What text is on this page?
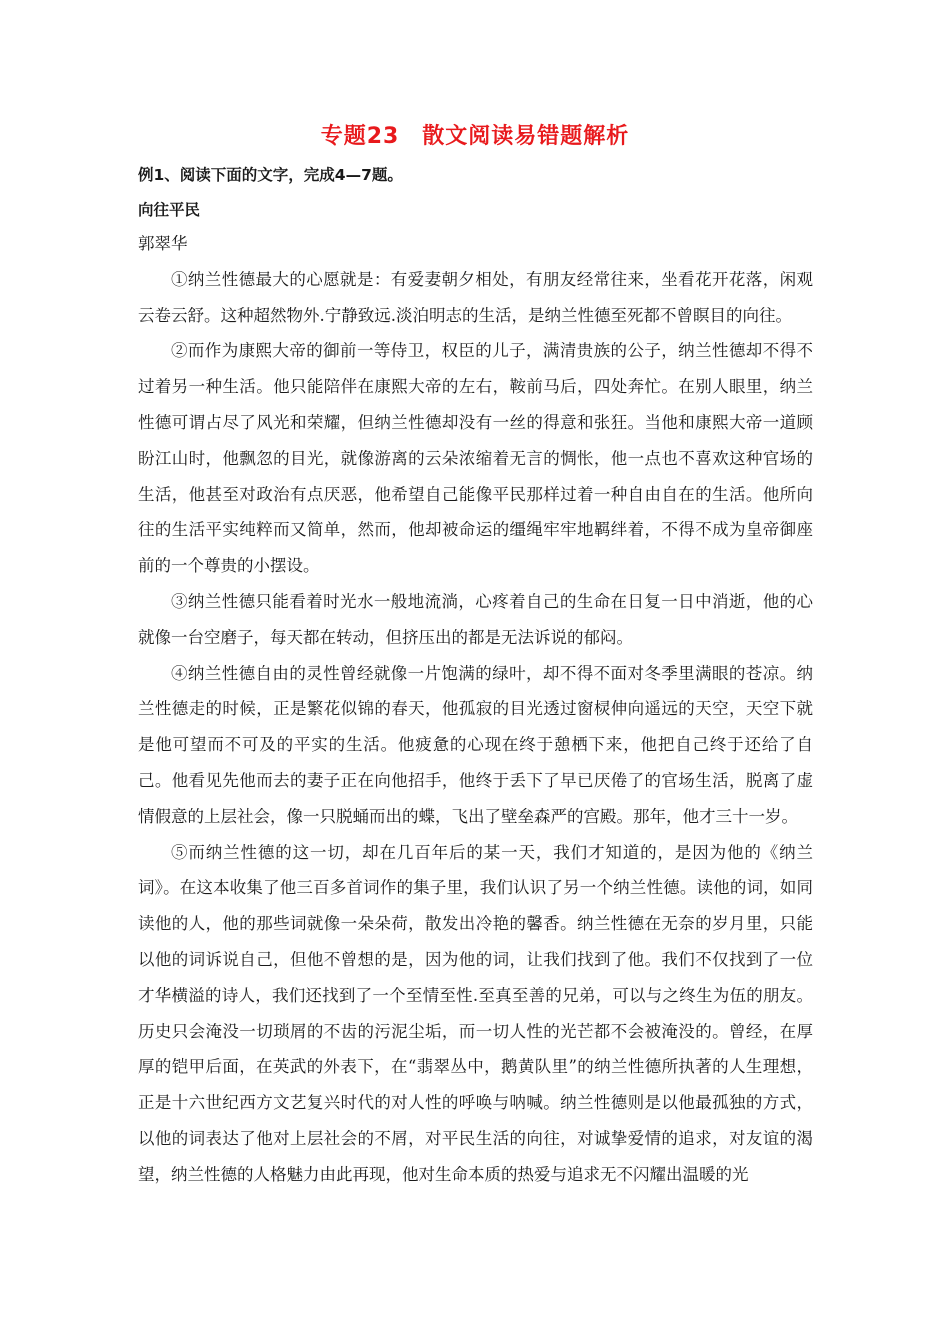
专题23　散文阅读易错题解析
例1、阅读下面的文字，完成4—7题。
向往平民
郭翠华

①纳兰性德最大的心愿就是：有爱妻朝夕相处，有朋友经常往来，坐看花开花落，闲观云卷云舒。这种超然物外.宁静致远.淡泊明志的生活，是纳兰性德至死都不曾瞑目的向往。

②而作为康熙大帝的御前一等侍卫，权臣的儿子，满清贵族的公子，纳兰性德却不得不过着另一种生活。他只能陪伴在康熙大帝的左右，鞍前马后，四处奔忙。在别人眼里，纳兰性德可谓占尽了风光和荣耀，但纳兰性德却没有一丝的得意和张狂。当他和康熙大帝一道顾盼江山时，他飘忽的目光，就像游离的云朵浓缩着无言的惆怅，他一点也不喜欢这种官场的生活，他甚至对政治有点厌恶，他希望自己能像平民那样过着一种自由自在的生活。他所向往的生活平实纯粹而又简单，然而，他却被命运的缰绳牢牢地羁绊着，不得不成为皇帝御座前的一个尊贵的小摆设。

③纳兰性德只能看着时光水一般地流淌，心疼着自己的生命在日复一日中消逝，他的心就像一台空磨子，每天都在转动，但挤压出的都是无法诉说的郁闷。

④纳兰性德自由的灵性曾经就像一片饱满的绿叶，却不得不面对冬季里满眼的苍凉。纳兰性德走的时候，正是繁花似锦的春天，他孤寂的目光透过窗棂伸向遥远的天空，天空下就是他可望而不可及的平实的生活。他疲惫的心现在终于憩栖下来，他把自己终于还给了自己。他看见先他而去的妻子正在向他招手，他终于丢下了早已厌倦了的官场生活，脱离了虚情假意的上层社会，像一只脱蛹而出的蝶，飞出了壁垒森严的宫殿。那年，他才三十一岁。

⑤而纳兰性德的这一切，却在几百年后的某一天，我们才知道的，是因为他的《纳兰词》。在这本收集了他三百多首词作的集子里，我们认识了另一个纳兰性德。读他的词，如同读他的人，他的那些词就像一朵朵荷，散发出冷艳的馨香。纳兰性德在无奈的岁月里，只能以他的词诉说自己，但他不曾想的是，因为他的词，让我们找到了他。我们不仅找到了一位才华横溢的诗人，我们还找到了一个至情至性.至真至善的兄弟，可以与之终生为伍的朋友。历史只会淹没一切琐屑的不齿的污泥尘垢，而一切人性的光芒都不会被淹没的。曾经，在厚厚的铠甲后面，在英武的外表下，在“翡翠丛中，鹅黄队里”的纳兰性德所执著的人生理想，正是十六世纪西方文艺复兴时代的对人性的呼唤与呐喊。纳兰性德则是以他最孤独的方式，以他的词表达了他对上层社会的不屑，对平民生活的向往，对诚挚爱情的追求，对友谊的渴望，纳兰性德的人格魅力由此再现，他对生命本质的热爱与追求无不闪耀出温暖的光
